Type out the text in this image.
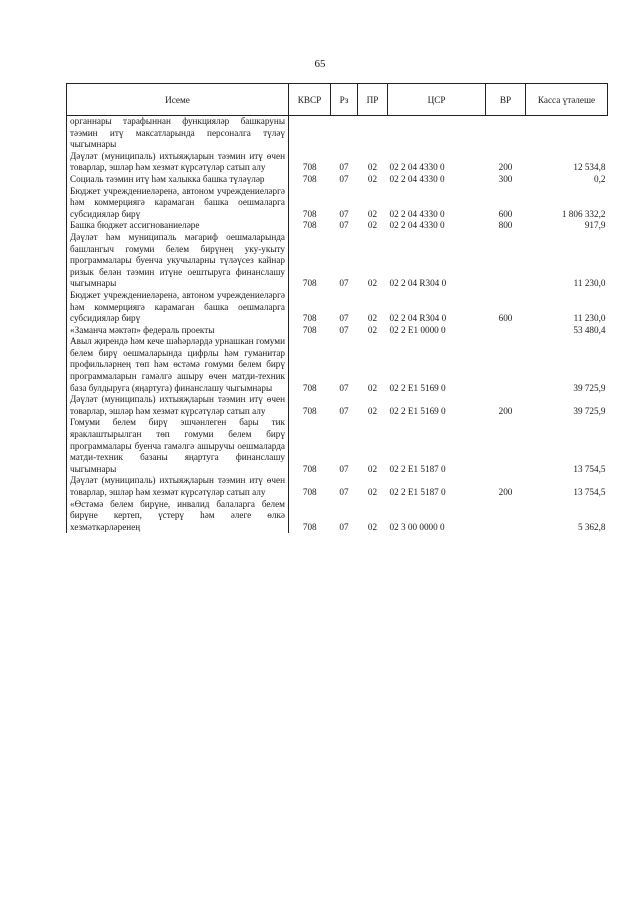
65
Исеме	КВСР	Рз	ПР	ЦСР	ВР	Касса үтәлеше
органнары тарафыннан функцияләр башкаруны тәэмин итү максатларында персоналга түләү чыгымнары						
Дәүләт (муниципаль) ихтыяҗларын тәэмин итү өчен товарлар, эшләр һәм хезмәт күрсәтүләр сатып алу	708	07	02	02 2 04 4330 0	200	12 534,8
Социаль тәэмин итү һәм халыкка башка түләүләр	708	07	02	02 2 04 4330 0	300	0,2
Бюджет учреждениеләренә, автоном учреждениеләргә һәм коммерциягә карамаган башка оешмаларга субсидияләр бирү	708	07	02	02 2 04 4330 0	600	1 806 332,2
Башка бюджет ассигнованиеләре	708	07	02	02 2 04 4330 0	800	917,9
Дәүләт һәм муниципаль мәгариф оешмаларында башлангыч гомуми белем бирүнең уку-укыту программалары буенча укучыларны түләүсез кайнар ризык белән тәэмин итүне оештыруга финанслашу чыгымнары	708	07	02	02 2 04 R304 0		11 230,0
Бюджет учреждениеләренә, автоном учреждениеләргә һәм коммерциягә карамаган башка оешмаларга субсидияләр бирү	708	07	02	02 2 04 R304 0	600	11 230,0
«Заманча мәктәп» федераль проекты	708	07	02	02 2 E1 0000 0		53 480,4
Авыл җирендә һәм кече шәһәрләрдә урнашкан гомуми белем бирү оешмаларында цифрлы һәм гуманитар профильләрнең төп һәм өстәмә гомуми белем бирү программаларын гамәлгә ашыру өчен матди-техник база булдыруга (яңартуга) финанслашу чыгымнары	708	07	02	02 2 E1 5169 0		39 725,9
Дәүләт (муниципаль) ихтыяҗларын тәэмин итү өчен товарлар, эшләр һәм хезмәт күрсәтүләр сатып алу	708	07	02	02 2 E1 5169 0	200	39 725,9
Гомуми белем бирү эшчәнлеген бары тик яраклаштырылган төп гомуми белем бирү программалары буенча гамәлгә ашыручы оешмаларда матди-техник базаны яңартуга финанслашу чыгымнары	708	07	02	02 2 E1 5187 0		13 754,5
Дәүләт (муниципаль) ихтыяҗларын тәэмин итү өчен товарлар, эшләр һәм хезмәт күрсәтүләр сатып алу	708	07	02	02 2 E1 5187 0	200	13 754,5
«Өстәмә белем бирүне, инвалид балаларга белем бирүне кертеп, үстерү һәм әлеге өлкә хезмәткәрләренең	708	07	02	02 3 00 0000 0		5 362,8
